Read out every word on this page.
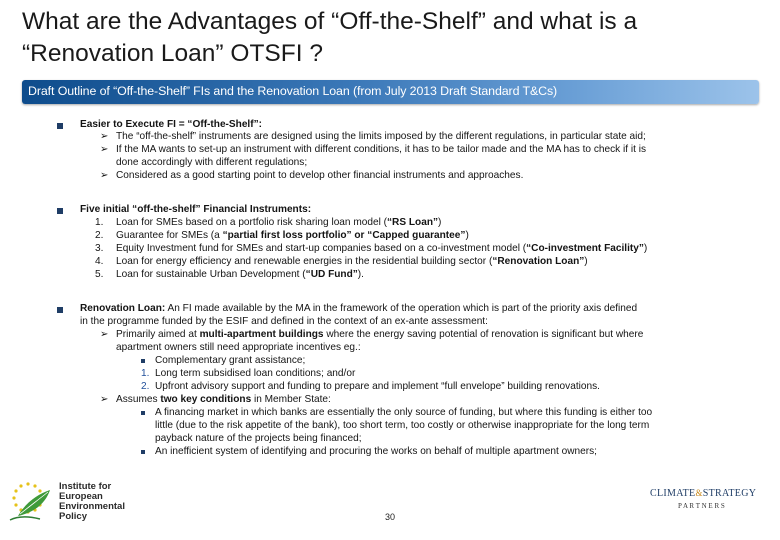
What are the Advantages of “Off-the-Shelf” and what is a “Renovation Loan” OTSFI ?
Draft Outline of “Off-the-Shelf” FIs and the Renovation Loan (from July 2013 Draft Standard T&Cs)
Easier to Execute FI = “Off-the-Shelf”:
➢ The “off-the-shelf” instruments are designed using the limits imposed by the different regulations, in particular state aid;
➢ If the MA wants to set-up an instrument with different conditions, it has to be tailor made and the MA has to check if it is
done accordingly with different regulations;
➢ Considered as a good starting point to develop other financial instruments and approaches.
Five initial “off-the-shelf” Financial Instruments:
1. Loan for SMEs based on a portfolio risk sharing loan model (“RS Loan”)
2. Guarantee for SMEs (a “partial first loss portfolio” or “Capped guarantee”)
3. Equity Investment fund for SMEs and start-up companies based on a co-investment model (“Co-investment Facility”)
4. Loan for energy efficiency and renewable energies in the residential building sector (“Renovation Loan”)
5. Loan for sustainable Urban Development (“UD Fund”).
Renovation Loan: An FI made available by the MA in the framework of the operation which is part of the priority axis defined
in the programme funded by the ESIF and defined in the context of an ex-ante assessment:
➢ Primarily aimed at multi-apartment buildings where the energy saving potential of renovation is significant but where
apartment owners still need appropriate incentives eg.:
Complementary grant assistance;
1. Long term subsidised loan conditions; and/or
2. Upfront advisory support and funding to prepare and implement “full envelope” building renovations.
➢ Assumes two key conditions in Member State:
A financing market in which banks are essentially the only source of funding, but where this funding is either too
little (due to the risk appetite of the bank), too short term, too costly or otherwise inappropriate for the long term
payback nature of the projects being financed;
An inefficient system of identifying and procuring the works on behalf of multiple apartment owners;
Institute for
European
Environmental
Policy	30
CLIMATE&STRATEGY
P A R T N E R S
